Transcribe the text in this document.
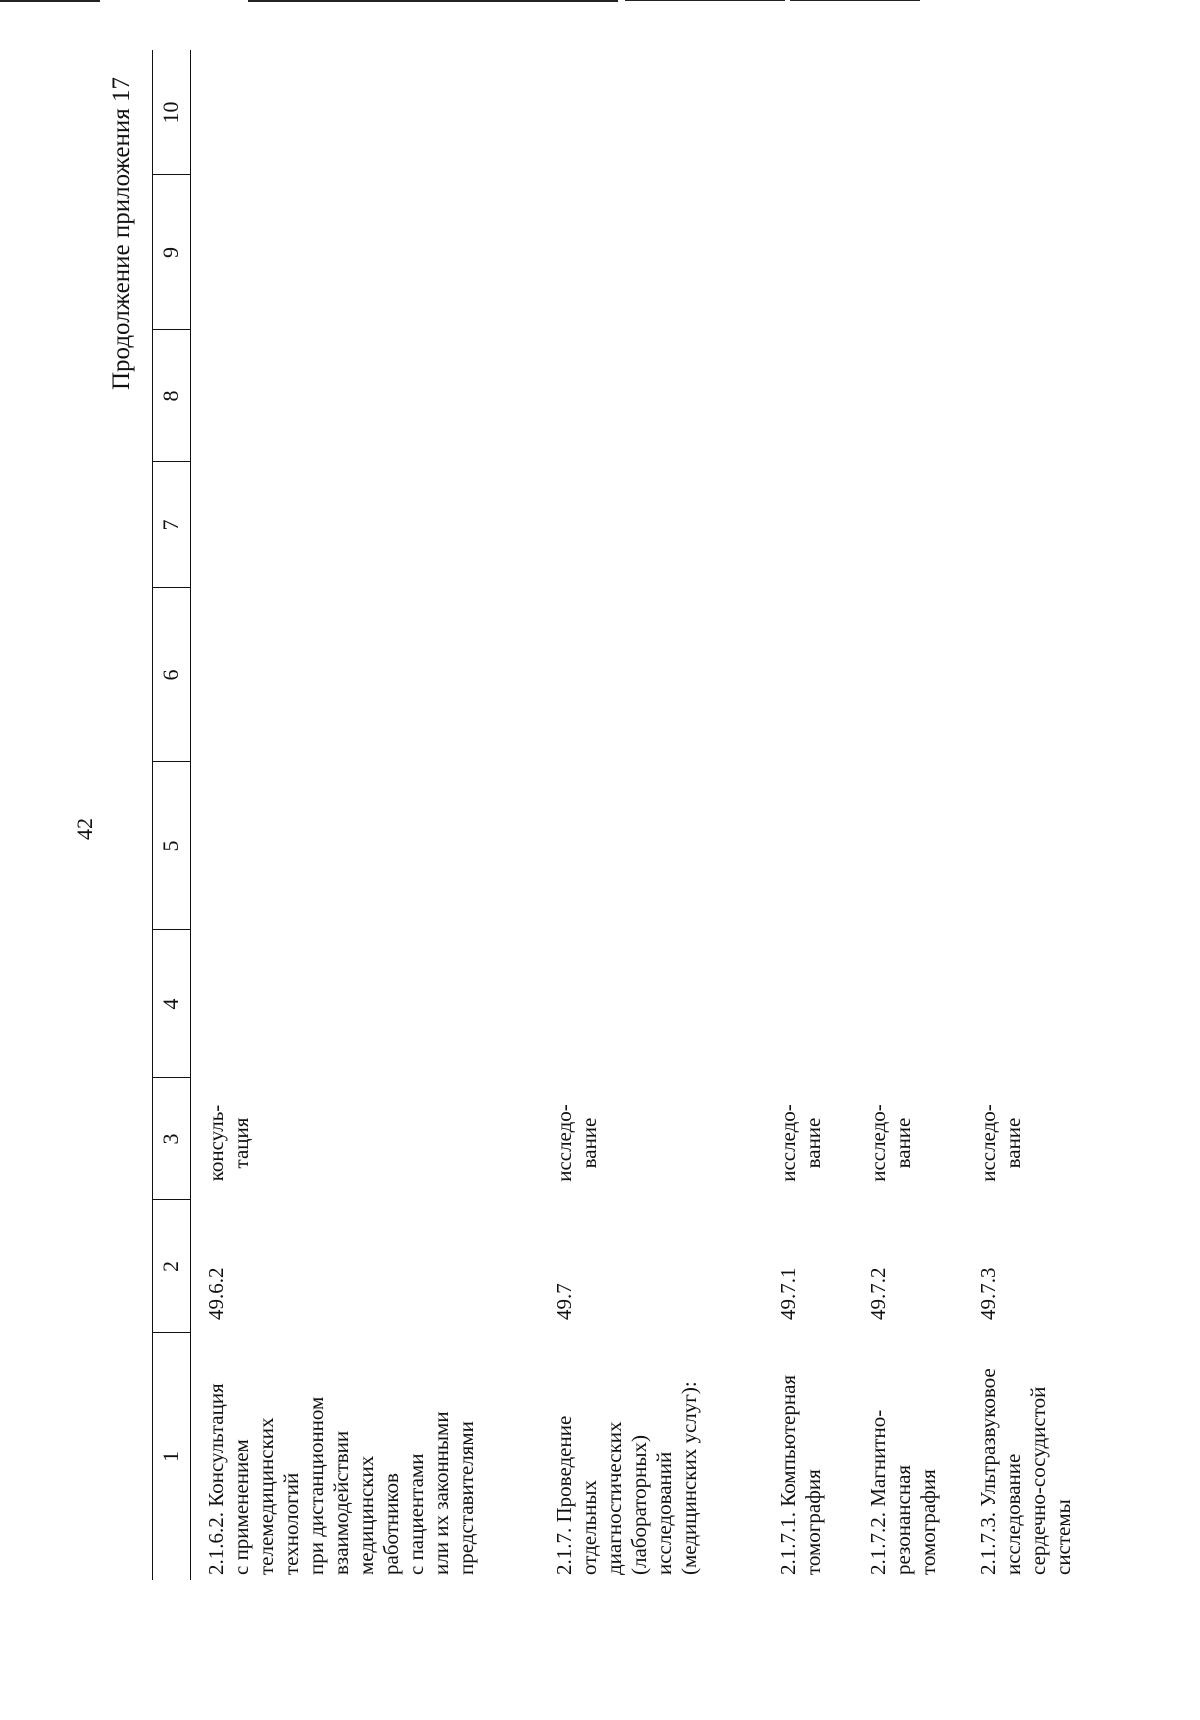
42
Продолжение приложения 17
1
2
3
4
5
6
7
8
9
10
2.1.6.2. Консультация
с применением
телемедицинских
технологий
при дистанционном
взаимодействии
медицинских
работников
с пациентами
или их законными
представителями
49.6.2
консуль-
тация
2.1.7. Проведение
отдельных
диагностических
(лабораторных)
исследований
(медицинских услуг):
49.7
исследо-
вание
2.1.7.1. Компьютерная
томография
49.7.1
исследо-
вание
2.1.7.2. Магнитно-
резонансная
томография
49.7.2
исследо-
вание
2.1.7.3. Ультразвуковое
исследование
сердечно-сосудистой
системы
49.7.3
исследо-
вание
